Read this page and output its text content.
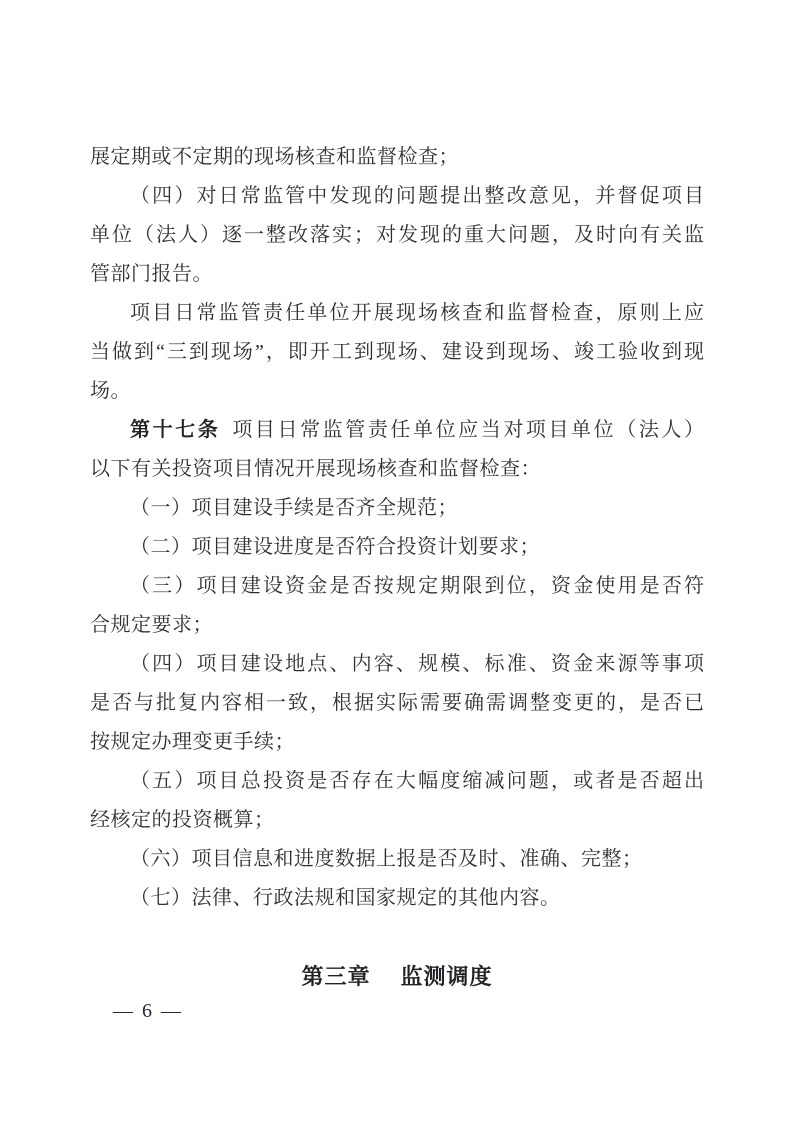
展定期或不定期的现场核查和监督检查；
（四）对日常监管中发现的问题提出整改意见，并督促项目
单位（法人）逐一整改落实；对发现的重大问题，及时向有关监
管部门报告。
项目日常监管责任单位开展现场核查和监督检查，原则上应
当做到“三到现场”，即开工到现场、建设到现场、竣工验收到现
场。
第十七条 项目日常监管责任单位应当对项目单位（法人）
以下有关投资项目情况开展现场核查和监督检查：
（一）项目建设手续是否齐全规范；
（二）项目建设进度是否符合投资计划要求；
（三）项目建设资金是否按规定期限到位，资金使用是否符
合规定要求；
（四）项目建设地点、内容、规模、标准、资金来源等事项
是否与批复内容相一致，根据实际需要确需调整变更的，是否已
按规定办理变更手续；
（五）项目总投资是否存在大幅度缩减问题，或者是否超出
经核定的投资概算；
（六）项目信息和进度数据上报是否及时、准确、完整；
（七）法律、行政法规和国家规定的其他内容。
第三章 监测调度
— 6 —
